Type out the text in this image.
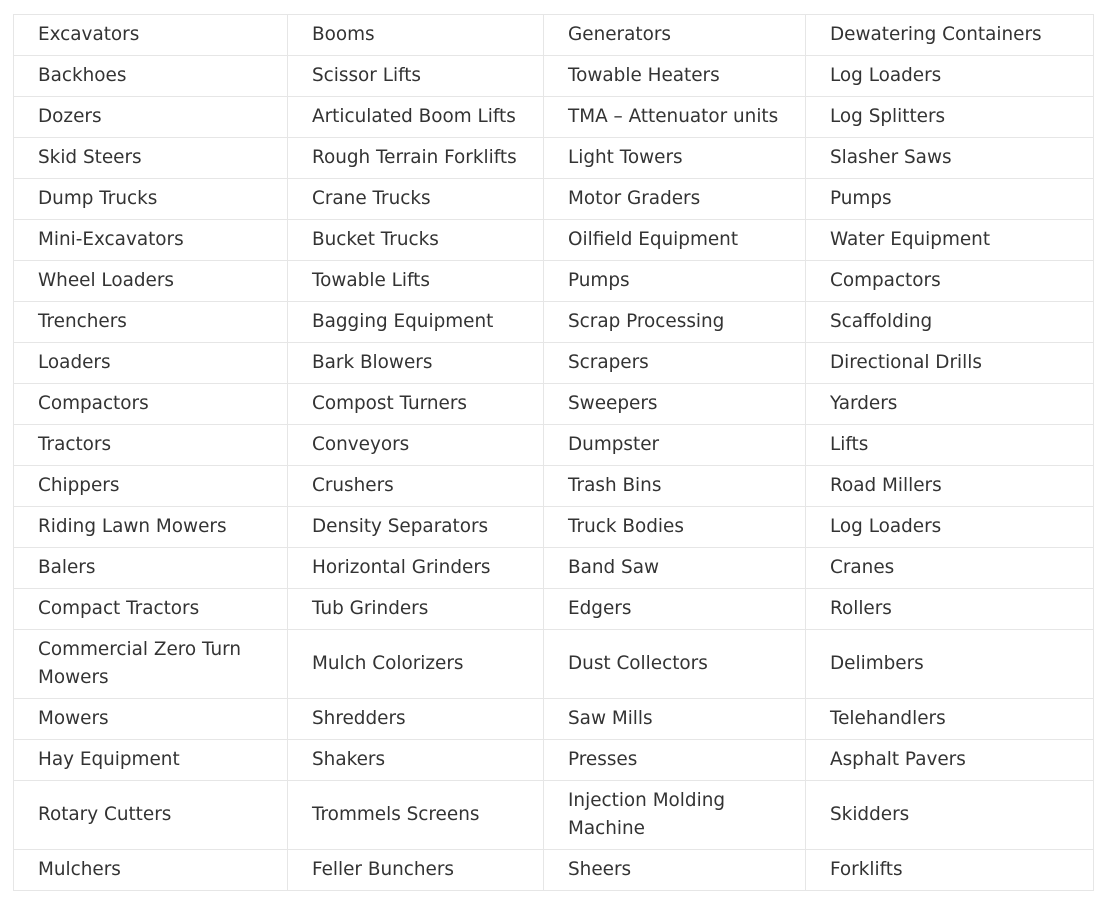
Excavators	Booms	Generators	Dewatering Containers
Backhoes	Scissor Lifts	Towable Heaters	Log Loaders
Dozers	Articulated Boom Lifts	TMA – Attenuator units	Log Splitters
Skid Steers	Rough Terrain Forklifts	Light Towers	Slasher Saws
Dump Trucks	Crane Trucks	Motor Graders	Pumps
Mini-Excavators	Bucket Trucks	Oilfield Equipment	Water Equipment
Wheel Loaders	Towable Lifts	Pumps	Compactors
Trenchers	Bagging Equipment	Scrap Processing	Scaffolding
Loaders	Bark Blowers	Scrapers	Directional Drills
Compactors	Compost Turners	Sweepers	Yarders
Tractors	Conveyors	Dumpster	Lifts
Chippers	Crushers	Trash Bins	Road Millers
Riding Lawn Mowers	Density Separators	Truck Bodies	Log Loaders
Balers	Horizontal Grinders	Band Saw	Cranes
Compact Tractors	Tub Grinders	Edgers	Rollers
Commercial Zero Turn Mowers	Mulch Colorizers	Dust Collectors	Delimbers
Mowers	Shredders	Saw Mills	Telehandlers
Hay Equipment	Shakers	Presses	Asphalt Pavers
Rotary Cutters	Trommels Screens	Injection Molding Machine	Skidders
Mulchers	Feller Bunchers	Sheers	Forklifts
